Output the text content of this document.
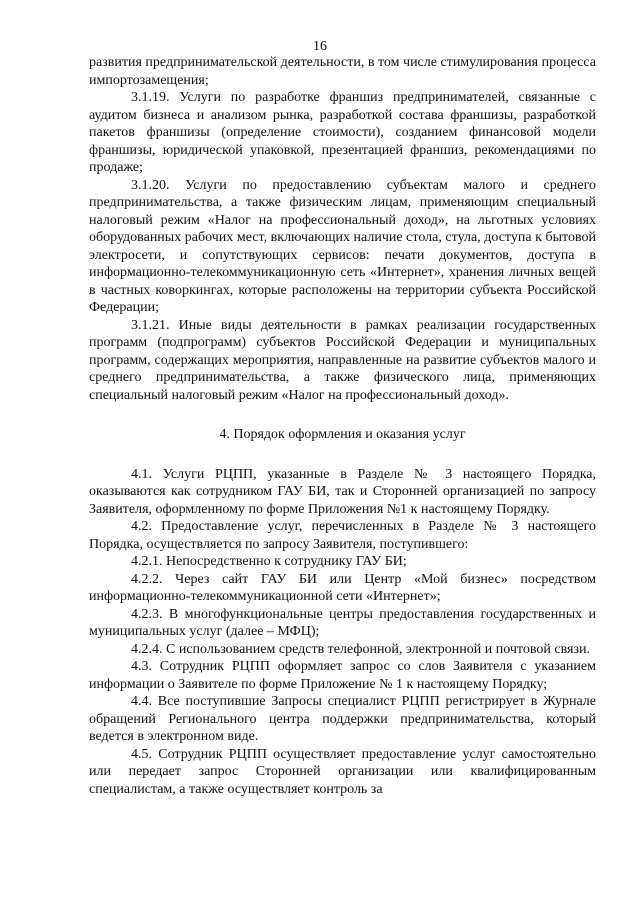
16

развития предпринимательской деятельности, в том числе стимулирования процесса импортозамещения;

3.1.19. Услуги по разработке франшиз предпринимателей, связанные с аудитом бизнеса и анализом рынка, разработкой состава франшизы, разработкой пакетов франшизы (определение стоимости), созданием финансовой модели франшизы, юридической упаковкой, презентацией франшиз, рекомендациями по продаже;

3.1.20. Услуги по предоставлению субъектам малого и среднего предпринимательства, а также физическим лицам, применяющим специальный налоговый режим «Налог на профессиональный доход», на льготных условиях оборудованных рабочих мест, включающих наличие стола, стула, доступа к бытовой электросети, и сопутствующих сервисов: печати документов, доступа в информационно-телекоммуникационную сеть «Интернет», хранения личных вещей в частных коворкингах, которые расположены на территории субъекта Российской Федерации;

3.1.21. Иные виды деятельности в рамках реализации государственных программ (подпрограмм) субъектов Российской Федерации и муниципальных программ, содержащих мероприятия, направленные на развитие субъектов малого и среднего предпринимательства, а также физического лица, применяющих специальный налоговый режим «Налог на профессиональный доход».

4. Порядок оформления и оказания услуг

4.1. Услуги РЦПП, указанные в Разделе № 3 настоящего Порядка, оказываются как сотрудником ГАУ БИ, так и Сторонней организацией по запросу Заявителя, оформленному по форме Приложения №1 к настоящему Порядку.

4.2. Предоставление услуг, перечисленных в Разделе № 3 настоящего Порядка, осуществляется по запросу Заявителя, поступившего:

4.2.1. Непосредственно к сотруднику ГАУ БИ;

4.2.2. Через сайт ГАУ БИ или Центр «Мой бизнес» посредством информационно-телекоммуникационной сети «Интернет»;

4.2.3. В многофункциональные центры предоставления государственных и муниципальных услуг (далее – МФЦ);

4.2.4. С использованием средств телефонной, электронной и почтовой связи.

4.3. Сотрудник РЦПП оформляет запрос со слов Заявителя с указанием информации о Заявителе по форме Приложение № 1 к настоящему Порядку;

4.4. Все поступившие Запросы специалист РЦПП регистрирует в Журнале обращений Регионального центра поддержки предпринимательства, который ведется в электронном виде.

4.5. Сотрудник РЦПП осуществляет предоставление услуг самостоятельно или передает запрос Сторонней организации или квалифицированным специалистам, а также осуществляет контроль за
